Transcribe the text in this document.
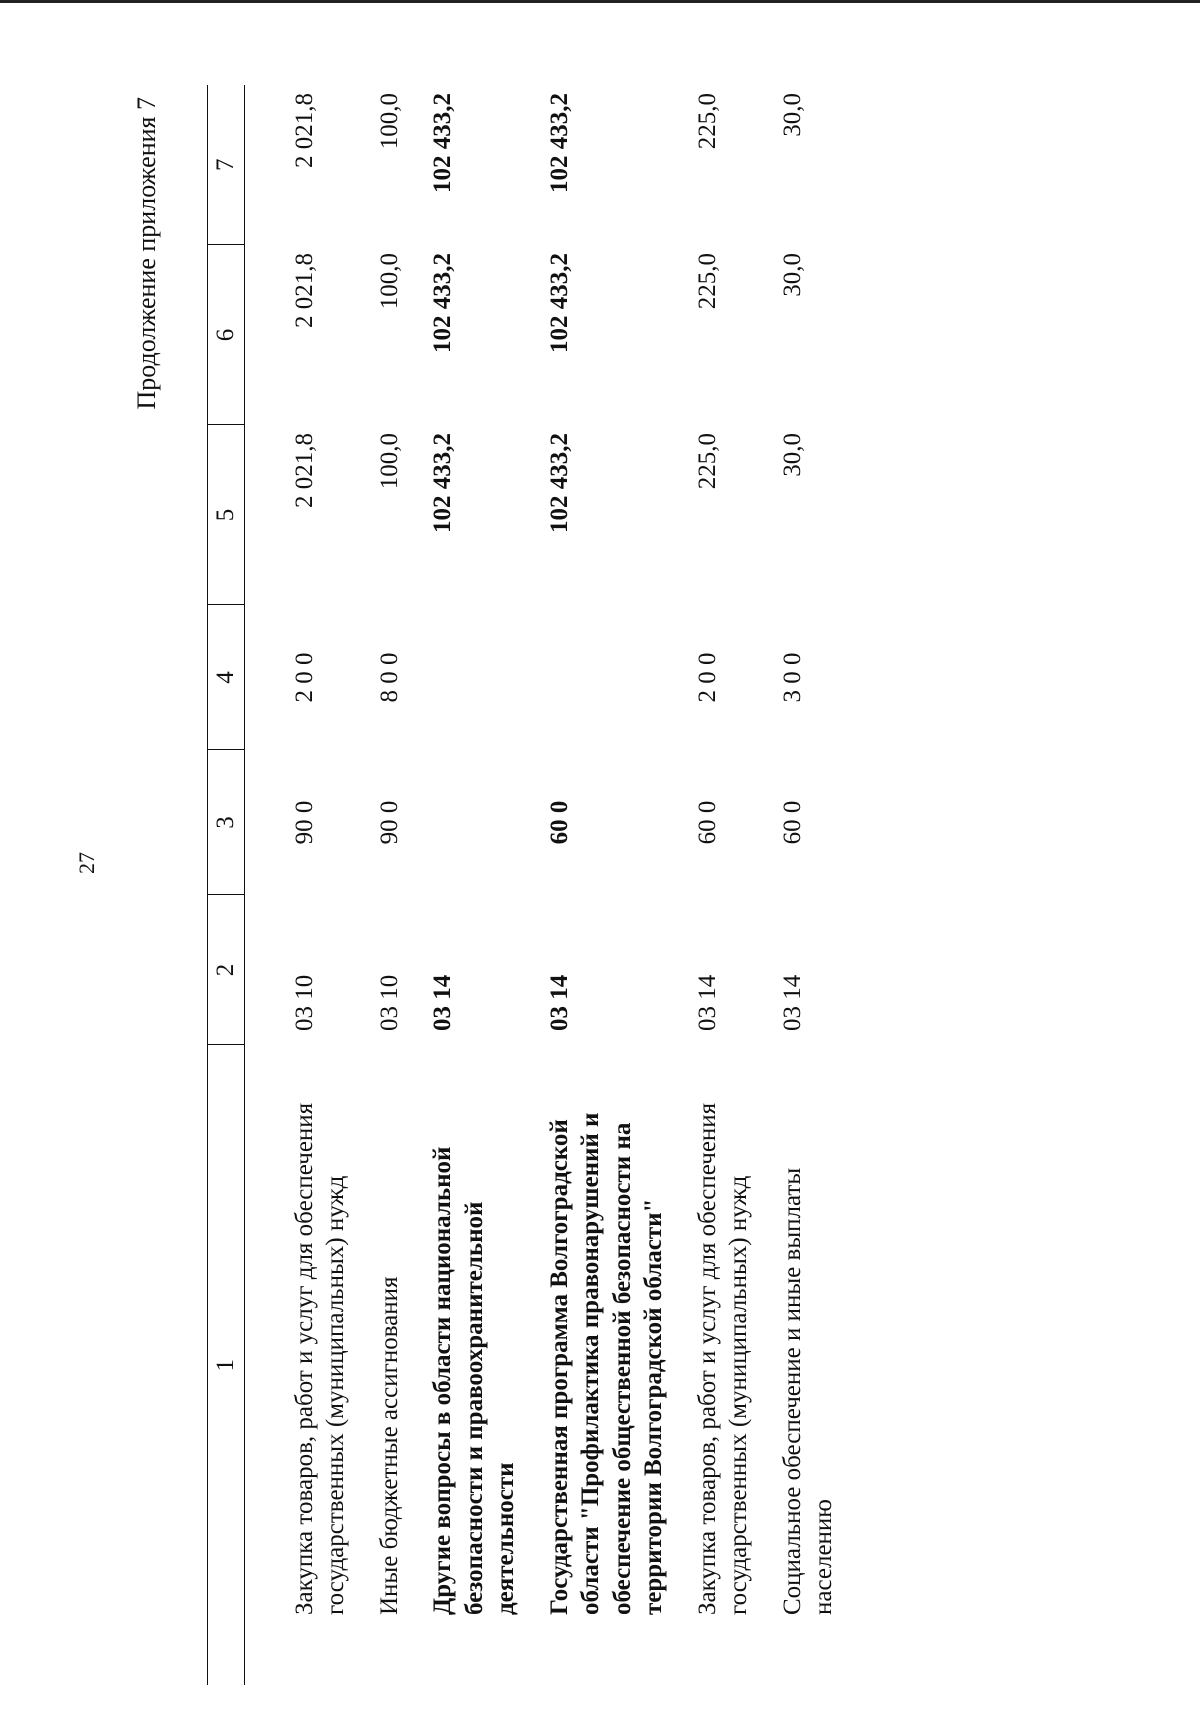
27
Продолжение приложения 7
1	2	3	4	5	6	7

Закупка товаров, работ и услуг для обеспечения государственных (муниципальных) нужд	03 10	90 0	2 0 0	2 021,8	2 021,8	2 021,8

Иные бюджетные ассигнования	03 10	90 0	8 0 0	100,0	100,0	100,0

Другие вопросы в области национальной безопасности и правоохранительной деятельности	03 14			102 433,2	102 433,2	102 433,2

Государственная программа Волгоградской области "Профилактика правонарушений и обеспечение общественной безопасности на территории Волгоградской области"	03 14	60 0		102 433,2	102 433,2	102 433,2

Закупка товаров, работ и услуг для обеспечения государственных (муниципальных) нужд	03 14	60 0	2 0 0	225,0	225,0	225,0

Социальное обеспечение и иные выплаты населению	03 14	60 0	3 0 0	30,0	30,0	30,0
